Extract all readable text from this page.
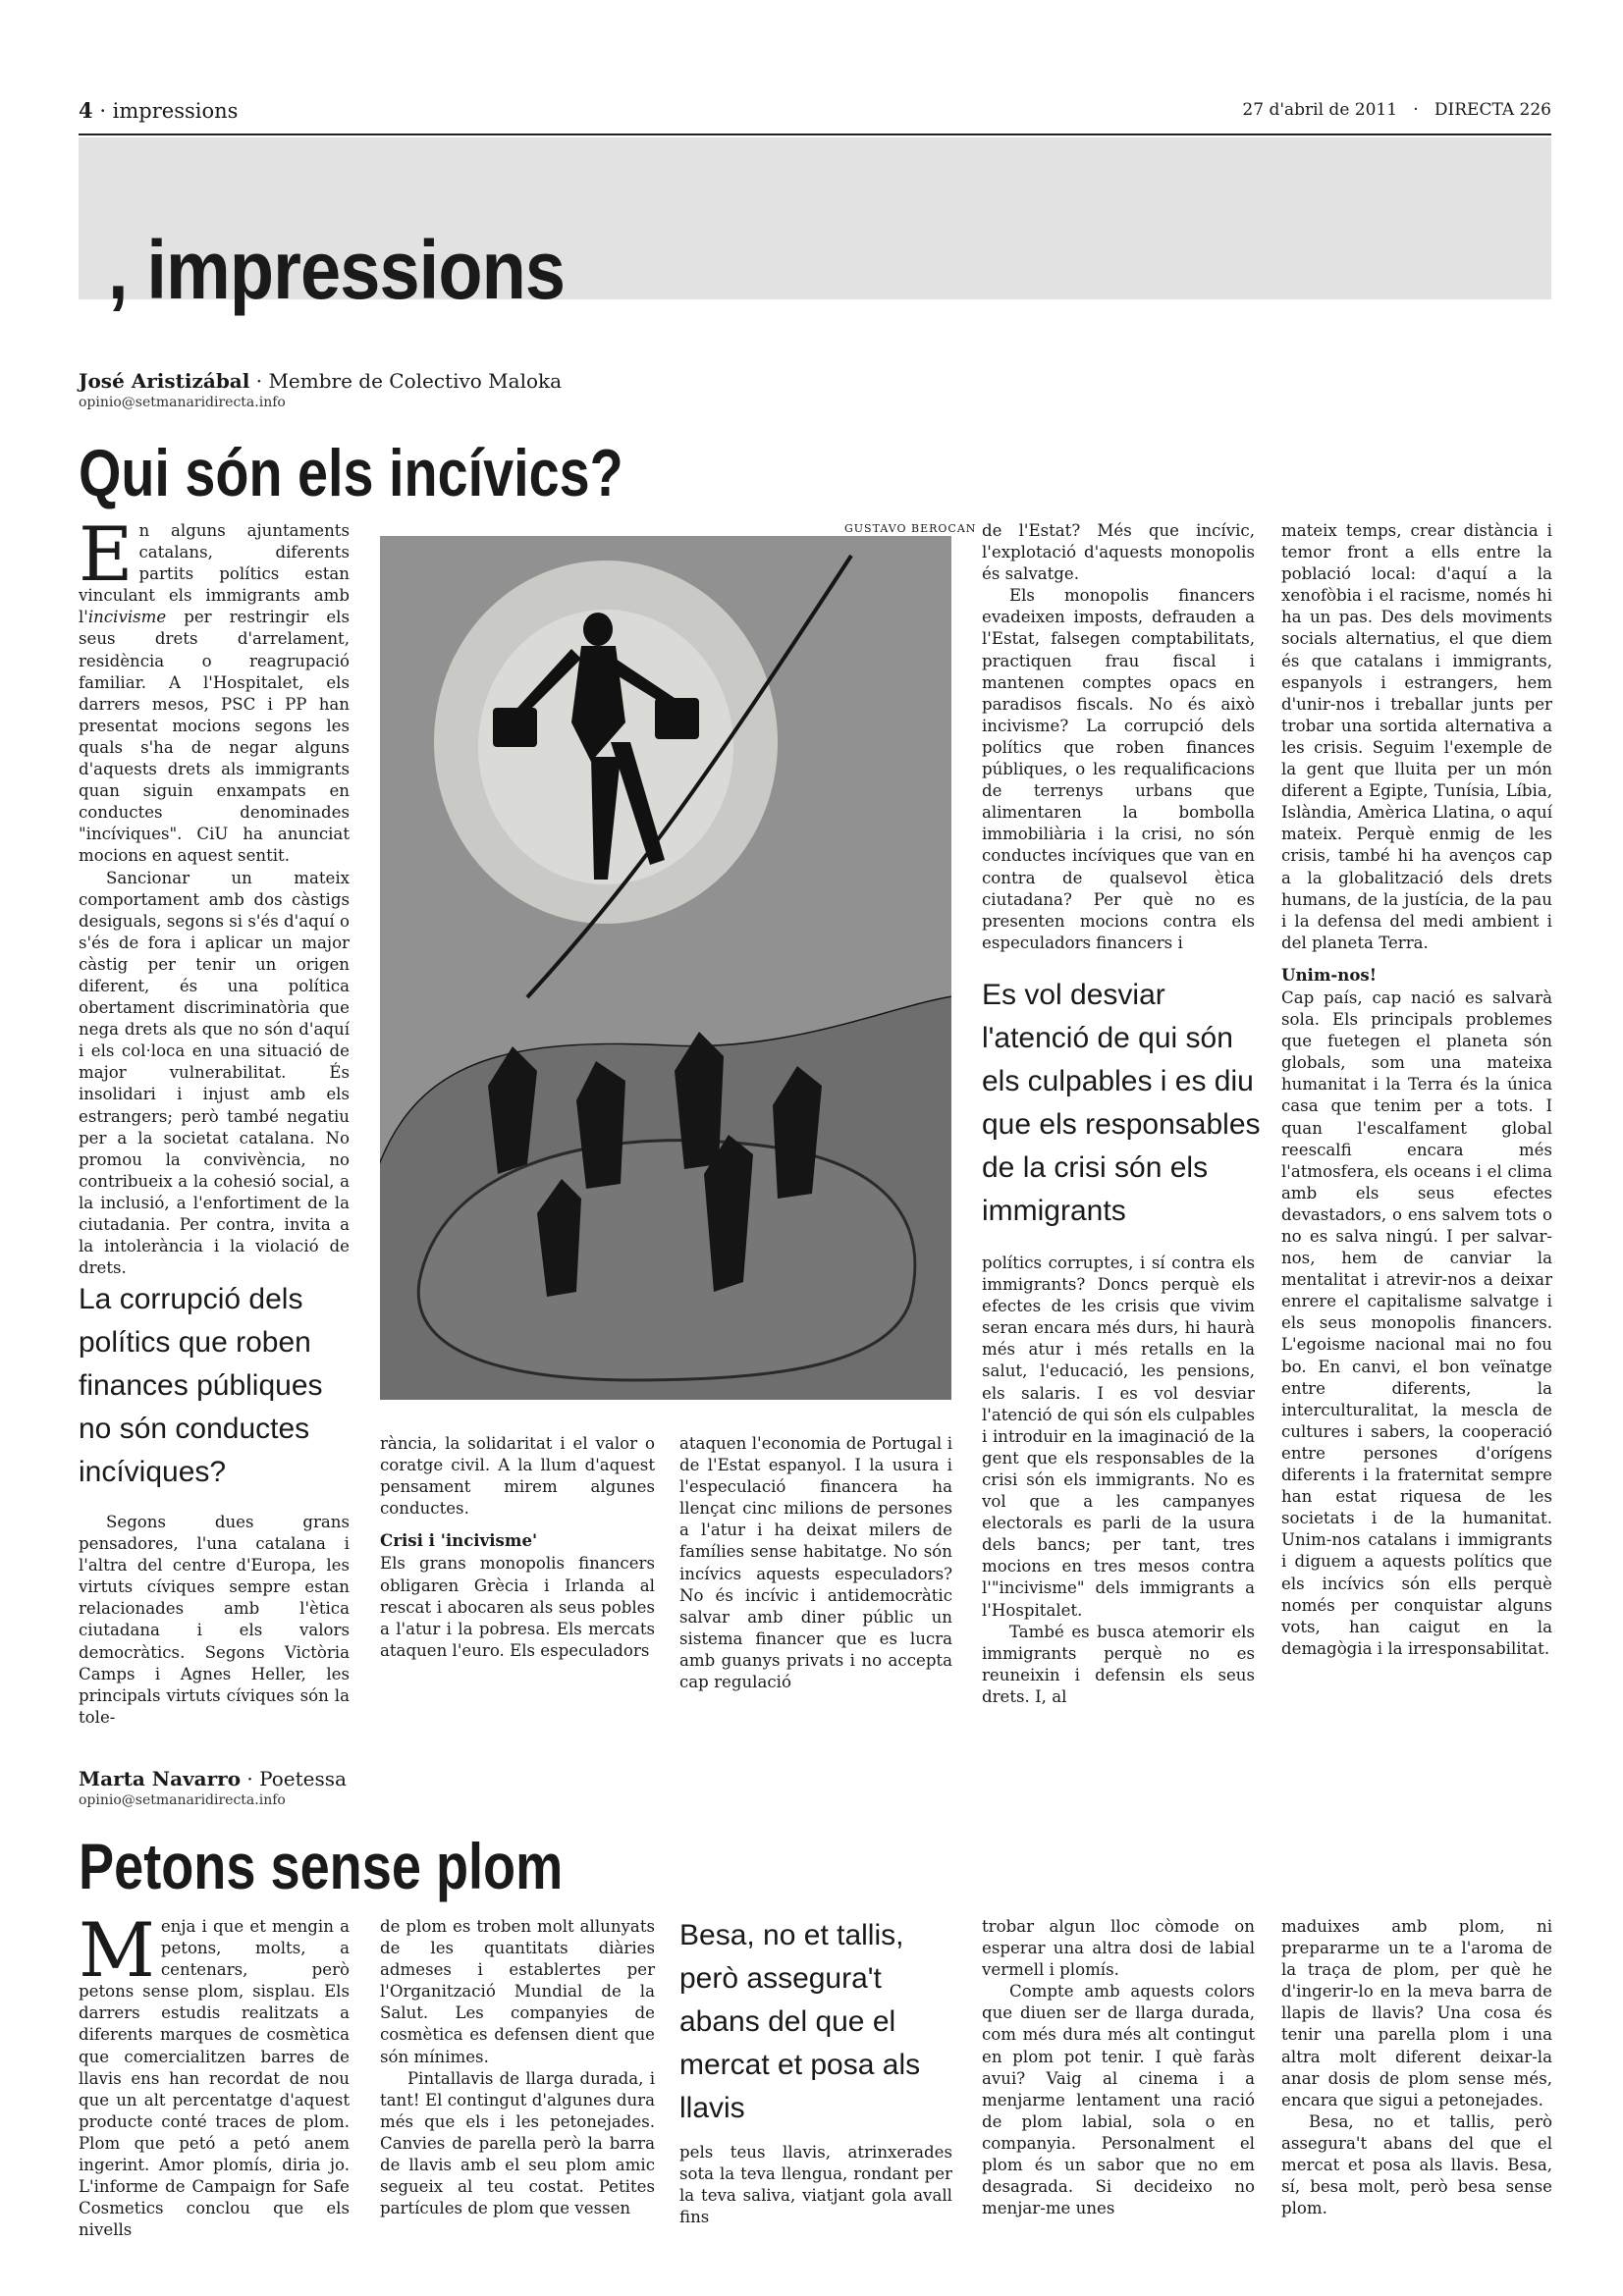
4 · impressions	27 d'abril de 2011   ·   DIRECTA 226
, impressions
José Aristizábal · Membre de Colectivo Maloka
opinio@setmanaridirecta.info
Qui són els incívics?

En alguns ajuntaments catalans, diferents partits polítics estan vinculant els immigrants amb l'incivisme per restringir els seus drets d'arrelament, residència o reagrupació familiar. A l'Hospitalet, els darrers mesos, PSC i PP han presentat mocions segons les quals s'ha de negar alguns d'aquests drets als immigrants quan siguin enxampats en conductes denominades "incíviques". CiU ha anunciat mocions en aquest sentit.

Sancionar un mateix comportament amb dos càstigs desiguals, segons si s'és d'aquí o s'és de fora i aplicar un major càstig per tenir un origen diferent, és una política obertament discriminatòria que nega drets als que no són d'aquí i els col·loca en una situació de major vulnerabilitat. És insolidari i injust amb els estrangers; però també negatiu per a la societat catalana. No promou la convivència, no contribueix a la cohesió social, a la inclusió, a l'enfortiment de la ciutadania. Per contra, invita a la intolerància i la violació de drets.

La corrupció dels polítics que roben finances públiques no són conductes incíviques?

Segons dues grans pensadores, l'una catalana i l'altra del centre d'Europa, les virtuts cíviques sempre estan relacionades amb l'ètica ciutadana i els valors democràtics. Segons Victòria Camps i Agnes Heller, les principals virtuts cíviques són la tole-

GUSTAVO BEROCAN

rància, la solidaritat i el valor o coratge civil. A la llum d'aquest pensament mirem algunes conductes.

Crisi i 'incivisme'

Els grans monopolis financers obligaren Grècia i Irlanda al rescat i abocaren als seus pobles a l'atur i la pobresa. Els mercats ataquen l'euro. Els especuladors

ataquen l'economia de Portugal i de l'Estat espanyol. I la usura i l'especulació financera ha llençat cinc milions de persones a l'atur i ha deixat milers de famílies sense habitatge. No són incívics aquests especuladors? No és incívic i antidemocràtic salvar amb diner públic un sistema financer que es lucra amb guanys privats i no accepta cap regulació

de l'Estat? Més que incívic, l'explotació d'aquests monopolis és salvatge.

Els monopolis financers evadeixen imposts, defrauden a l'Estat, falsegen comptabilitats, practiquen frau fiscal i mantenen comptes opacs en paradisos fiscals. No és això incivisme? La corrupció dels polítics que roben finances públiques, o les requalificacions de terrenys urbans que alimentaren la bombolla immobiliària i la crisi, no són conductes incíviques que van en contra de qualsevol ètica ciutadana? Per què no es presenten mocions contra els especuladors financers i

Es vol desviar l'atenció de qui són els culpables i es diu que els responsables de la crisi són els immigrants

polítics corruptes, i sí contra els immigrants? Doncs perquè els efectes de les crisis que vivim seran encara més durs, hi haurà més atur i més retalls en la salut, l'educació, les pensions, els salaris. I es vol desviar l'atenció de qui són els culpables i introduir en la imaginació de la gent que els responsables de la crisi són els immigrants. No es vol que a les campanyes electorals es parli de la usura dels bancs; per tant, tres mocions en tres mesos contra l'"incivisme" dels immigrants a l'Hospitalet.

També es busca atemorir els immigrants perquè no es reuneixin i defensin els seus drets. I, al

mateix temps, crear distància i temor front a ells entre la població local: d'aquí a la xenofòbia i el racisme, només hi ha un pas. Des dels moviments socials alternatius, el que diem és que catalans i immigrants, espanyols i estrangers, hem d'unir-nos i treballar junts per trobar una sortida alternativa a les crisis. Seguim l'exemple de la gent que lluita per un món diferent a Egipte, Tunísia, Líbia, Islàndia, Amèrica Llatina, o aquí mateix. Perquè enmig de les crisis, també hi ha avenços cap a la globalització dels drets humans, de la justícia, de la pau i la defensa del medi ambient i del planeta Terra.

Unim-nos!

Cap país, cap nació es salvarà sola. Els principals problemes que fuetegen el planeta són globals, som una mateixa humanitat i la Terra és la única casa que tenim per a tots. I quan l'escalfament global reescalfi encara més l'atmosfera, els oceans i el clima amb els seus efectes devastadors, o ens salvem tots o no es salva ningú. I per salvar-nos, hem de canviar la mentalitat i atrevir-nos a deixar enrere el capitalisme salvatge i els seus monopolis financers. L'egoisme nacional mai no fou bo. En canvi, el bon veïnatge entre diferents, la interculturalitat, la mescla de cultures i sabers, la cooperació entre persones d'orígens diferents i la fraternitat sempre han estat riquesa de les societats i de la humanitat. Unim-nos catalans i immigrants i diguem a aquests polítics que els incívics són ells perquè només per conquistar alguns vots, han caigut en la demagògia i la irresponsabilitat.

Marta Navarro · Poetessa
opinio@setmanaridirecta.info
Petons sense plom

Menja i que et mengin a petons, molts, a centenars, però petons sense plom, sisplau. Els darrers estudis realitzats a diferents marques de cosmètica que comercialitzen barres de llavis ens han recordat de nou que un alt percentatge d'aquest producte conté traces de plom. Plom que petó a petó anem ingerint. Amor plomís, diria jo. L'informe de Campaign for Safe Cosmetics conclou que els nivells

de plom es troben molt allunyats de les quantitats diàries admeses i establertes per l'Organització Mundial de la Salut. Les companyies de cosmètica es defensen dient que són mínimes.

Pintallavis de llarga durada, i tant! El contingut d'algunes dura més que els i les petonejades. Canvies de parella però la barra de llavis amb el seu plom amic segueix al teu costat. Petites partícules de plom que vessen

Besa, no et tallis, però assegura't abans del que el mercat et posa als llavis

pels teus llavis, atrinxerades sota la teva llengua, rondant per la teva saliva, viatjant gola avall fins

trobar algun lloc còmode on esperar una altra dosi de labial vermell i plomís.

Compte amb aquests colors que diuen ser de llarga durada, com més dura més alt contingut en plom pot tenir. I què faràs avui? Vaig al cinema i a menjarme lentament una ració de plom labial, sola o en companyia. Personalment el plom és un sabor que no em desagrada. Si decideixo no menjar-me unes

maduixes amb plom, ni prepararme un te a l'aroma de la traça de plom, per què he d'ingerir-lo en la meva barra de llapis de llavis? Una cosa és tenir una parella plom i una altra molt diferent deixar-la anar dosis de plom sense més, encara que sigui a petonejades.

Besa, no et tallis, però assegura't abans del que el mercat et posa als llavis. Besa, sí, besa molt, però besa sense plom.
